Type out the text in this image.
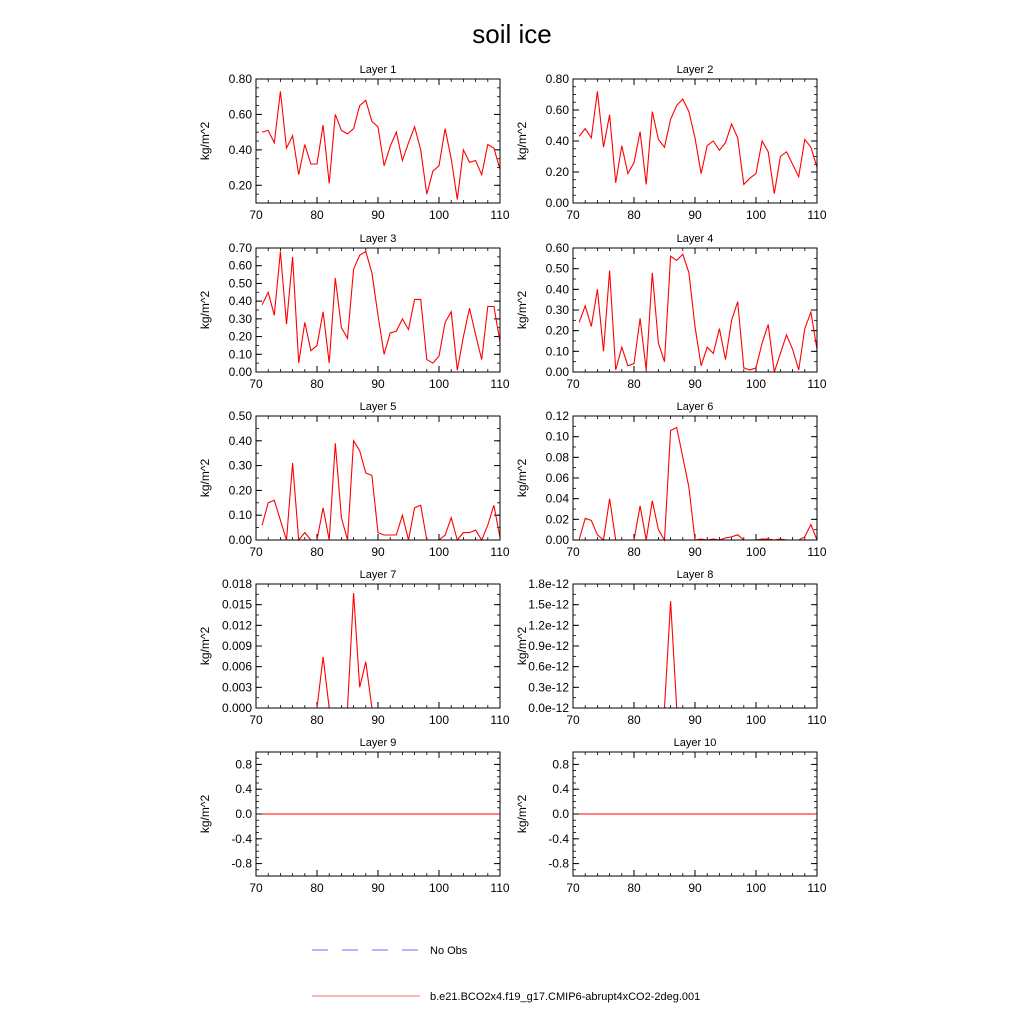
soil ice
Layer 1
70	80	90	100	110
0.20
0.40
0.60
0.80
kg/m^2
Layer 2
70	80	90	100	110
0.00
0.20
0.40
0.60
0.80
kg/m^2
Layer 3
70	80	90	100	110
0.00
0.10
0.20
0.30
0.40
0.50
0.60
0.70
kg/m^2
Layer 4
70	80	90	100	110
0.00
0.10
0.20
0.30
0.40
0.50
0.60
kg/m^2
Layer 5
70	80	90	100	110
0.00
0.10
0.20
0.30
0.40
0.50
kg/m^2
Layer 6
70	80	90	100	110
0.00
0.02
0.04
0.06
0.08
0.10
0.12
kg/m^2
Layer 7
70	80	90	100	110
0.000
0.003
0.006
0.009
0.012
0.015
0.018
kg/m^2
Layer 8
70	80	90	100	110
0.0e-12
0.3e-12
0.6e-12
0.9e-12
1.2e-12
1.5e-12
1.8e-12
kg/m^2
Layer 9
70	80	90	100	110
-0.8
-0.4
0.0
0.4
0.8
kg/m^2
Layer 10
70	80	90	100	110
-0.8
-0.4
0.0
0.4
0.8
kg/m^2
No Obs
b.e21.BCO2x4.f19_g17.CMIP6-abrupt4xCO2-2deg.001
